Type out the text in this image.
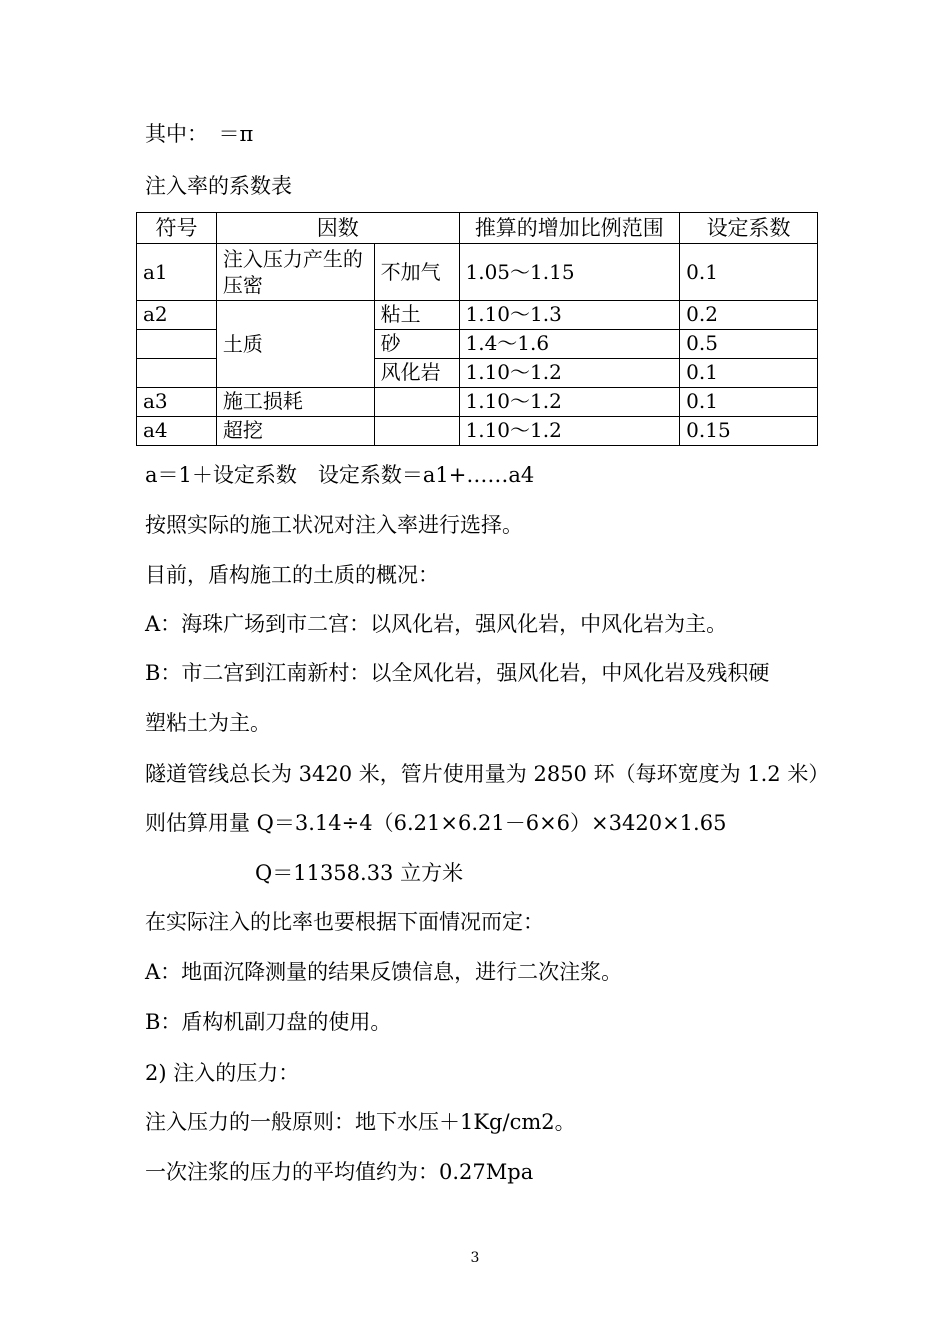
其中：　＝π
注入率的系数表
符号	因数		推算的增加比例范围	设定系数
a1	注入压力产生的压密	不加气	1.05～1.15	0.1
a2	土质	粘土	1.10～1.3	0.2
		砂	1.4～1.6	0.5
		风化岩	1.10～1.2	0.1
a3	施工损耗		1.10～1.2	0.1
a4	超挖		1.10～1.2	0.15
a＝1＋设定系数　设定系数＝a1+……a4
按照实际的施工状况对注入率进行选择。
目前，盾构施工的土质的概况：
A：海珠广场到市二宫：以风化岩，强风化岩，中风化岩为主。
B：市二宫到江南新村：以全风化岩，强风化岩，中风化岩及残积硬
塑粘土为主。
隧道管线总长为 3420 米，管片使用量为 2850 环（每环宽度为 1.2 米）
则估算用量 Q＝3.14÷4（6.21×6.21－6×6）×3420×1.65
Q＝11358.33 立方米
在实际注入的比率也要根据下面情况而定：
A：地面沉降测量的结果反馈信息，进行二次注浆。
B：盾构机副刀盘的使用。
2) 注入的压力：
注入压力的一般原则：地下水压＋1Kg/cm2。
一次注浆的压力的平均值约为：0.27Mpa
3
